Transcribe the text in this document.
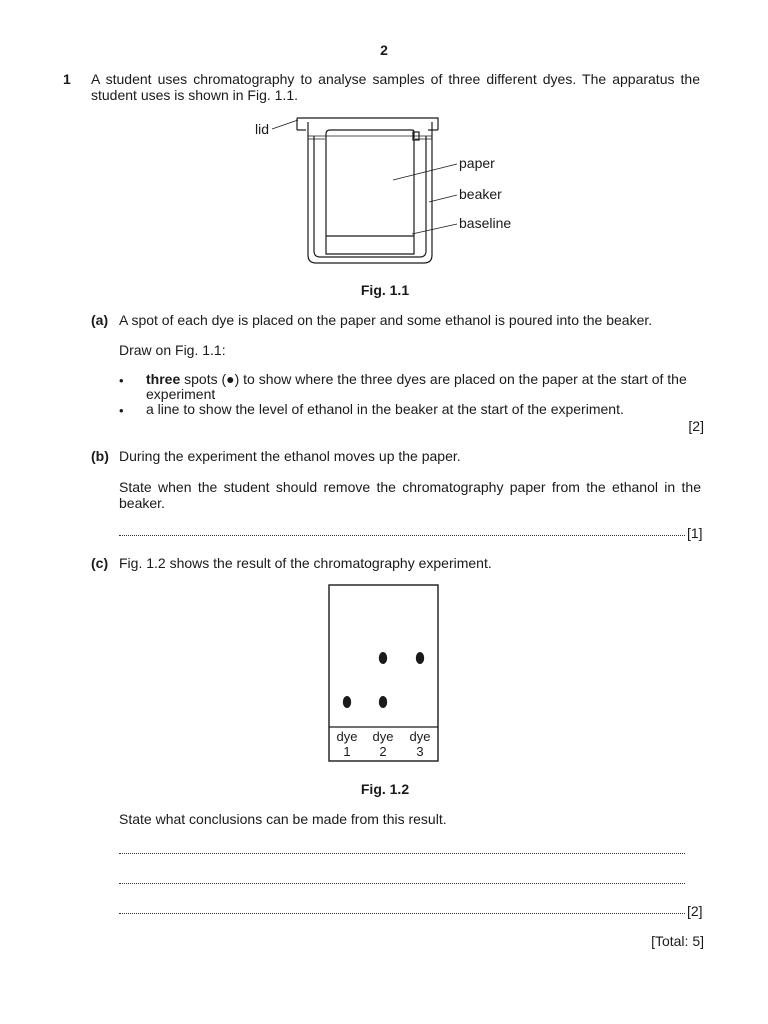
2
1 A student uses chromatography to analyse samples of three different dyes. The apparatus the student uses is shown in Fig. 1.1.
lid
paper
beaker
baseline
Fig. 1.1
(a) A spot of each dye is placed on the paper and some ethanol is poured into the beaker.
Draw on Fig. 1.1:
• three spots (●) to show where the three dyes are placed on the paper at the start of the experiment
• a line to show the level of ethanol in the beaker at the start of the experiment.
[2]
(b) During the experiment the ethanol moves up the paper.
State when the student should remove the chromatography paper from the ethanol in the beaker.
[1]
(c) Fig. 1.2 shows the result of the chromatography experiment.
dye
1
dye
2
dye
3
Fig. 1.2
State what conclusions can be made from this result.
[2]
[Total: 5]
